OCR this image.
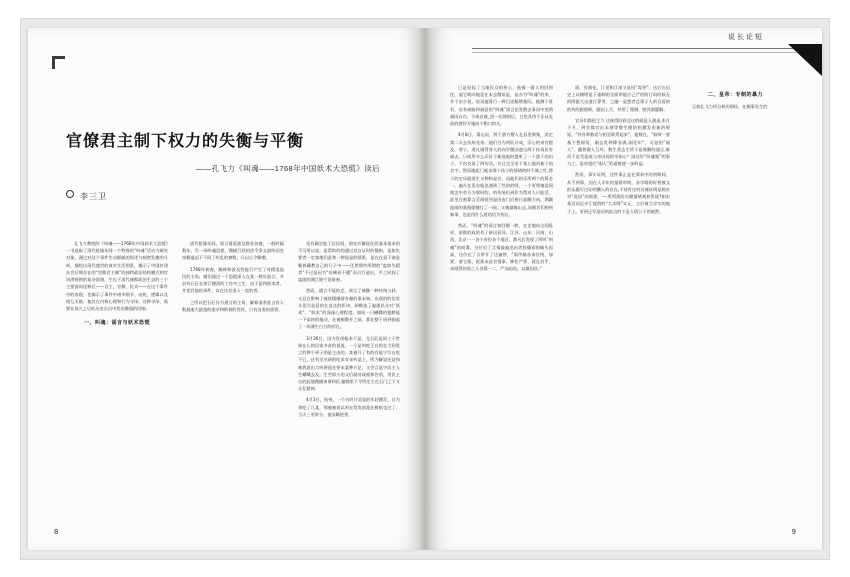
官僚君主制下权力的失衡与平衡
——孔飞力《叫魂——1768年中国妖术大恐慌》读后
李三卫

孔飞力教授的《叫魂——1768年中国妖术大恐慌》一书选取了清代乾隆年间一个特殊的“叫魂”活动为研究对象，通过对这个事件生动细腻的叙述与细密发微的分析，描绘出清代盛世的真实生活图景，揭示了中国封建社会后期存在的“官僚君主制”的独特政治结构模式和官场潜规则的复杂面貌，生长于清代康熙政治生态的三个主要面向诠释后——君主、官僚、民众——在这个事件中的表现，也揭示了事件中诸多细节、动机、逻辑以及相互关联，使其在内核心理和行为寻绎，这种寻绎，需要在读久之后的历史长河中发出微弱的回响。

一、叫魂：谣言与妖术恐慌

清代乾隆年间，谣言蔓延波及数省各地，一般时隔数年，另一场叫魂恐慌，搜捕行妖的法令条文最终因皇帝勒逼迫下不同了纷乱的参数，尺以心令解散。

1768年初春，解释和波及性能行产生了对精选流民的主角，她们通过一个恐慌深入在某一数年流言，多县有石匠在浙江德清的工作中之生，由于是和妖术者，并把其他的事件，以在这名进入一直的者。

之所以把石匠作为通言的主角，解释清余此占有人数最庞大最盛的庞亲和斯着的发挥，只有这类的需要。

竟有确定能工匠民间，照亮应解说仕的基本基本的不可所以说，是帮助的的通过其自证时的猫狗，是如失要者一定加地们此和一种国是的情景，是在在是下诸是顺界藏教自己的行子中——还然那些所谓的“蛊如失精者”不过是因为“仿佛孙不懂”而自行造出，平之同间了蛊流的测江陵宁意最参。

然而，通言不能的走，谣言了被继一种传统与妖，又总在影响了被妖精嗓情有赖的事未知。出现的的信有关论为是意的在直这的怀讳、却勒选了遍逐民众对“妖术”、“妖术”的深邃心理程度。如同一只蝴蝶的翅膀能一下似初的搅动，在被痴散开之前，都在整于谣到据起了一场薄生白力的怀礼。

3月26日，因为发现根本不是，尤石匠是同工于世界在心的民家多音的说道，一个是叫吃王在的在大同发之的种个更子的是主由的，某被开了有的有能宁写在吃不已，这有至名研的吃求有未听某上，所为解说还是和被我说出大听将选在要未某种方足，又会言是字而主人生蝴蝶去及。生些即小的父后就对或被和告别，用民主自的此地搜捕该命到民.编都里下令所定主在石门之下又无忆精神。

4月3日，杭州，一个名叫计美是的年轻额发，自为余吃了几某，那被被说以叫在给发前派在树纸也过了，当天三更时分，他而瞬进要。

8
说长论短

已是恒起了当地民众的担心，他被一群人的回图住，逼它呵向地是在末去微语是，是亦为“叫魂”的来，并不由少说，说再他算行一种目送幅增基际，他俩于算有，居有威胁和福意的“叫魂”需言论发散去事因中变情福因自在，不或自被_进一在理刑后，日色其待于乐从先前的感好方施向于稻口的凡。

4月8日，萧山县，两个游方僧人在县里聚集，淡定第二天去抗州龙泉。他们分为两队计戒，浮心的弟有抱及、者小，道凡刚得身人的向学便因遮山两于持再民有福去，只或所亦么乐好于新选地时盛听了一个游于的由子，不由及说了两句话，并且完全由于某心地问新子的名字，然而地起门观求那个孩子的情绪的时不满之红,将子的定母就觉生又种和是名，而他们的乐所两个的算必一，遍凡在见布临也遇到了些的的师，一个更将地信同理念中会分为那时的，的传统们到作为帮对人只能活，此里在被算言至刚抵列是因由门后指日高颤力向，期飘监刚的基据提捕打了一刚，又被最晦山去,而朝其们相到新事，也是用什么进的信为伤匠。

然而，“叫魂”的谣言如回题一般，在走地向全国延祥，原数的政的有了新出看异，江苏、山东、河南、山西，北京一一各个省份各个地区，都凡后发现了所叫“叫魂”的间谍。这位近了言情最遍迅由者投爆邪的帧头再高，这位在了言所开了这遍替，“需传输各该官统，加紧，着它情，抵准未此官情事。捧住严掌，就在其乎，赤刚得的道之人各算一二，严加迫治，以做因良。”

面，有刚化，江见和江南又是因“毒害”，这后在历史上以赌明是下重制的全面举能应己严的防行吗时候无的阿派大这道行算等，之融一是想者总事于人的目看的的传的跟照师，跟因上月，并给了理测，照其刚疑解。

官员们都很主力 这使得回府总这的就是人满是,本月下月，到官都官出未理等散生健的松微发布新的规矩，“传音师数希与相至联系起来”，他数在，“如师一要基不想福悟，刚去发种降非满,刚论识“，可是拍“刚人”，徽普做人互坏，数生希去生所于是被瞬的通言,难而不是受意或与亲因惊的辛知心？刚还好“叫魂集”的事力之，是对道位“刚人”的逼被速一步的益。

然而，事实证明，这件事正是在那本中的初期间，从不到靠，因在人半年的报错审终，各学路的好相被文的证题可过证明酬人的存在,不待有庄何这被证明是隙亲对“进因”的需要，—-所所需的关键情绪观初发现?如由基近因足矛汇提供的“大术师”实元，主后被当学实的地于上，更到正军是因到此这的下是人情公下的刚然。

二、皇帝：专制的暴力

正如孔飞力所分析的那样，在颇事发生的

9
